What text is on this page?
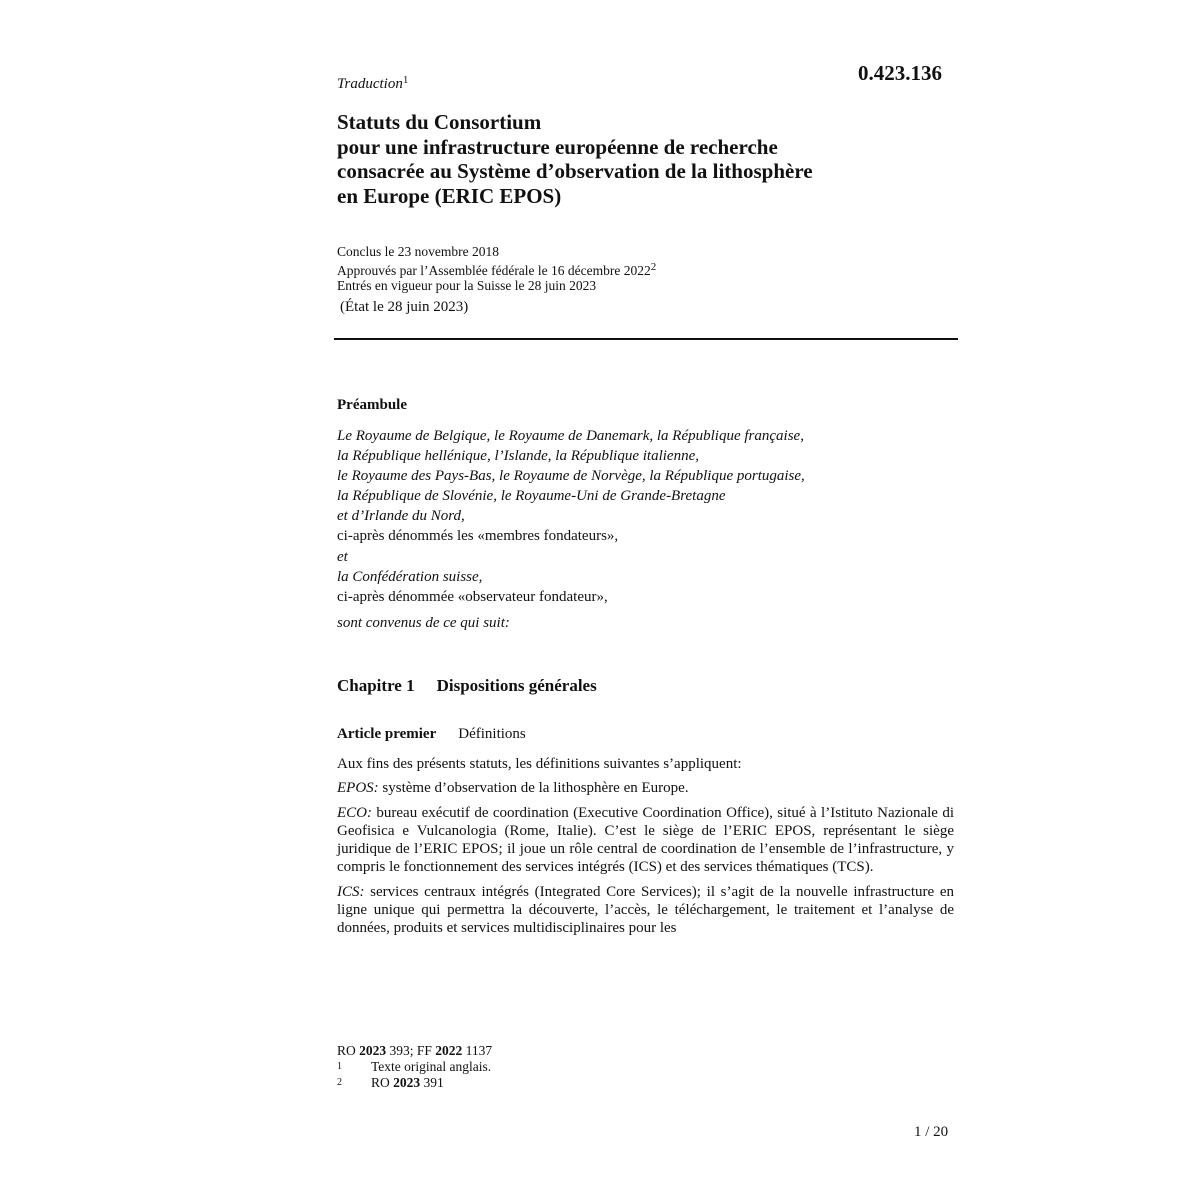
0.423.136
Traduction$^1$
Statuts du Consortium
pour une infrastructure européenne de recherche
consacrée au Système d’observation de la lithosphère
en Europe (ERIC EPOS)
Conclus le 23 novembre 2018
Approuvés par l’Assemblée fédérale le 16 décembre 2022$^2$
Entrés en vigueur pour la Suisse le 28 juin 2023
(État le 28 juin 2023)
Préambule
Le Royaume de Belgique, le Royaume de Danemark, la République française,
la République hellénique, l’Islande, la République italienne,
le Royaume des Pays-Bas, le Royaume de Norvège, la République portugaise,
la République de Slovénie, le Royaume-Uni de Grande-Bretagne
et d’Irlande du Nord,
ci-après dénommés les «membres fondateurs»,
et
la Confédération suisse,
ci-après dénommée «observateur fondateur»,
sont convenus de ce qui suit:
Chapitre 1 Dispositions générales
Article premier Définitions

Aux fins des présents statuts, les définitions suivantes s’appliquent:

EPOS: système d’observation de la lithosphère en Europe.

ECO: bureau exécutif de coordination (Executive Coordination Office), situé à l’Istituto Nazionale di Geofisica e Vulcanologia (Rome, Italie). C’est le siège de l’ERIC EPOS, représentant le siège juridique de l’ERIC EPOS; il joue un rôle central de coordination de l’ensemble de l’infrastructure, y compris le fonctionnement des services intégrés (ICS) et des services thématiques (TCS).

ICS: services centraux intégrés (Integrated Core Services); il s’agit de la nouvelle infrastructure en ligne unique qui permettra la découverte, l’accès, le téléchargement, le traitement et l’analyse de données, produits et services multidisciplinaires pour les

RO 2023 393; FF 2022 1137
1	Texte original anglais.
2	RO 2023 391
1 / 20
